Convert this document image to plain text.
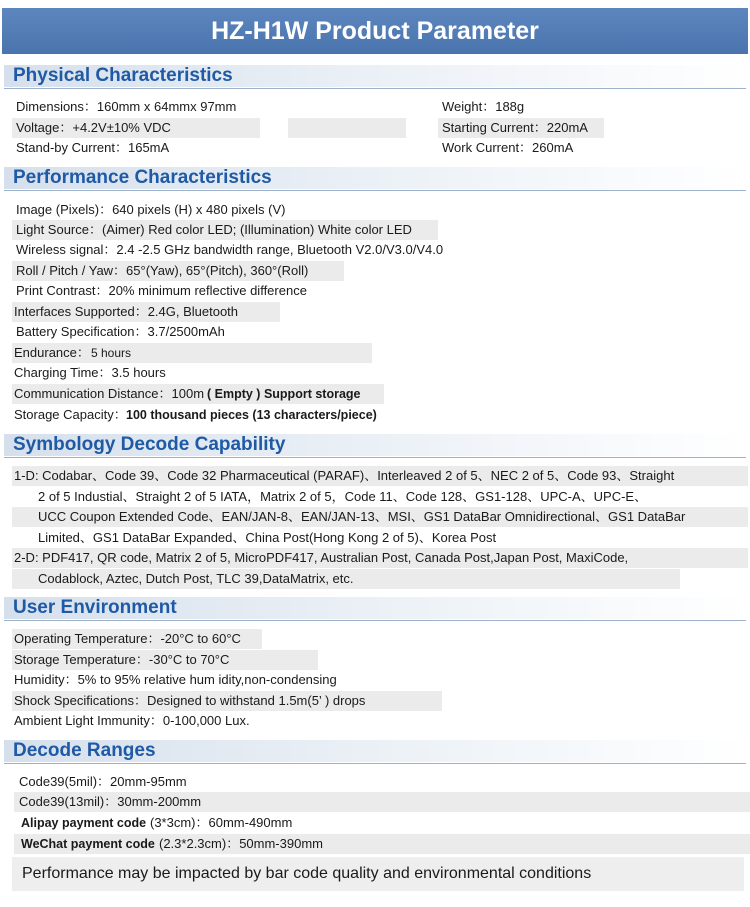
HZ-H1W Product Parameter
Physical Characteristics
Dimensions：160mm x 64mmx 97mm	Weight：188g
Voltage：+4.2V±10% VDC	Starting Current：220mA
Stand-by Current：165mA	Work Current：260mA
Performance Characteristics
Image (Pixels)：640 pixels (H) x 480 pixels (V)
Light Source：(Aimer) Red color LED; (Illumination) White color LED
Wireless signal：2.4 -2.5 GHz bandwidth range, Bluetooth V2.0/V3.0/V4.0
Roll / Pitch / Yaw：65°(Yaw), 65°(Pitch), 360°(Roll)
Print Contrast：20% minimum reflective difference
Interfaces Supported：2.4G, Bluetooth
Battery Specification：3.7/2500mAh
Endurance： 5 hours
Charging Time：3.5 hours
Communication Distance：100m ( Empty ) Support storage
Storage Capacity： 100 thousand pieces (13 characters/piece)
Symbology Decode Capability
1-D: Codabar、Code 39、Code 32 Pharmaceutical (PARAF)、Interleaved 2 of 5、NEC 2 of 5、Code 93、Straight
2 of 5 Industial、Straight 2 of 5 IATA，Matrix 2 of 5，Code 11、Code 128、GS1-128、UPC-A、UPC-E、
UCC Coupon Extended Code、EAN/JAN-8、EAN/JAN-13、MSI、GS1 DataBar Omnidirectional、GS1 DataBar
Limited、GS1 DataBar Expanded、China Post(Hong Kong 2 of 5)、Korea Post
2-D: PDF417, QR code, Matrix 2 of 5, MicroPDF417, Australian Post, Canada Post,Japan Post, MaxiCode,
Codablock, Aztec, Dutch Post, TLC 39,DataMatrix, etc.
User Environment
Operating Temperature：-20°C to 60°C
Storage Temperature：-30°C to 70°C
Humidity：5% to 95% relative hum idity,non-condensing
Shock Specifications：Designed to withstand 1.5m(5’ ) drops
Ambient Light Immunity：0-100,000 Lux.
Decode Ranges
Code39(5mil)：20mm-95mm
Code39(13mil)：30mm-200mm
Alipay payment code (3*3cm)：60mm-490mm
WeChat payment code (2.3*2.3cm)：50mm-390mm
Performance may be impacted by bar code quality and environmental conditions
